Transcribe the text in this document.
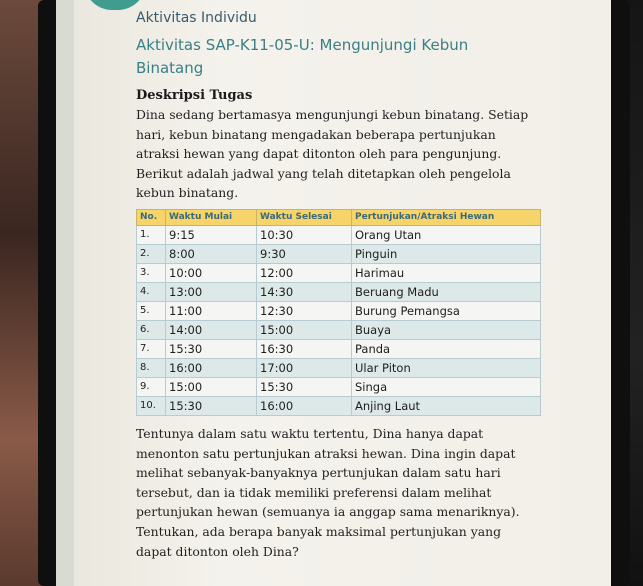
Aktivitas Individu

Aktivitas SAP-K11-05-U: Mengunjungi Kebun
Binatang

Deskripsi Tugas
Dina sedang bertamasya mengunjungi kebun binatang. Setiap
hari, kebun binatang mengadakan beberapa pertunjukan
atraksi hewan yang dapat ditonton oleh para pengunjung.
Berikut adalah jadwal yang telah ditetapkan oleh pengelola
kebun binatang.
No.	Waktu Mulai	Waktu Selesai	Pertunjukan/Atraksi Hewan
1.	9:15	10:30	Orang Utan
2.	8:00	9:30	Pinguin
3.	10:00	12:00	Harimau
4.	13:00	14:30	Beruang Madu
5.	11:00	12:30	Burung Pemangsa
6.	14:00	15:00	Buaya
7.	15:30	16:30	Panda
8.	16:00	17:00	Ular Piton
9.	15:00	15:30	Singa
10.	15:30	16:00	Anjing Laut
Tentunya dalam satu waktu tertentu, Dina hanya dapat
menonton satu pertunjukan atraksi hewan. Dina ingin dapat
melihat sebanyak-banyaknya pertunjukan dalam satu hari
tersebut, dan ia tidak memiliki preferensi dalam melihat
pertunjukan hewan (semuanya ia anggap sama menariknya).
Tentukan, ada berapa banyak maksimal pertunjukan yang
dapat ditonton oleh Dina?
